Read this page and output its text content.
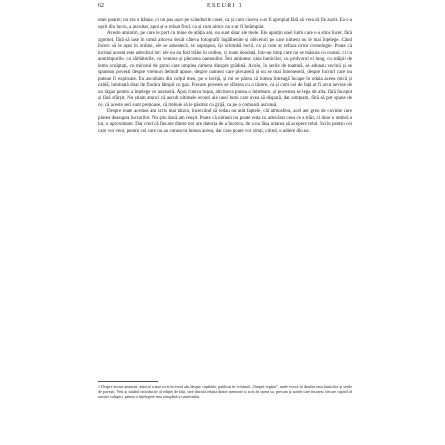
62	ESEURI 1

unei poarte; nu era o bătaie, ci un pas ușor pe scândurile casei, ca și cum cineva s-ar fi apropiat fără să vrea să fie auzit. Ea s-a oprit din lucru, a ascultat, apoi și-a reluat firul, ca și cum nimic nu s-ar fi întâmplat.

Aceste amintiri, pe care le port cu mine de atâția ani, nu sunt doar ale mele. Ele aparțin unei lumi care s-a stins încet, fără zgomot, fără să lase în urmă altceva decât câteva fotografii îngălbenite și obiceiuri pe care nimeni nu le mai înțelege. Când încerc să le așez în ordine, ele se amestecă, se suprapun, își schimbă locul, ca și cum ar refuza orice cronologie. Poate că tocmai acesta este adevărul lor: ele nu au fost trăite în ordine, ci toate deodată, într-un timp care nu se măsura cu ceasul, ci cu anotimpurile, cu sărbătorile, cu venirea și plecarea oamenilor. Îmi amintesc casa bunicilor, cu pridvorul ei lung, cu stâlpii de lemn sculptați, cu mirosul de gutui care umplea camera dinspre grădină. Acolo, în serile de toamnă, se adunau vecinii și se spuneau povești despre vremuri demult apuse, despre oameni care plecaseră și nu se mai întorseseră, despre lucruri care nu puteau fi explicate. Eu ascultam din colțul meu, pe o laviță, și mi se părea că lumea întreagă încape în odaia aceea mică și caldă, luminată doar de flacăra lămpii cu gaz. Fiecare poveste se sfârșea cu o tăcere, ca și cum cei de față ar fi avut nevoie de un răgaz pentru a înțelege ce auziseră. Apoi cineva tușea, altcineva punea o întrebare, și povestea se lega de alta, fără început și fără sfârșit. Nu știam atunci că ascult ultimele ecouri ale unei lumi care avea să dispară, dar simțeam, fără să pot spune de ce, că aceste seri sunt prețioase, că trebuie să le păstrez cu grijă, ca pe o comoară ascunsă.

Despre toate acestea am scris mai târziu, încercând să redau nu atât faptele, cât atmosfera, acel aer greu de cuvinte care plutea deasupra lucrurilor. Nu știu dacă am reușit. Poate că nimeni nu poate reda cu adevărat ceea ce a trăit, ci doar o umbră a lui, o aproximare. Dar cred că fiecare dintre noi are datoria de a încerca, de a nu lăsa uitarea să acopere totul. Scriu pentru cei care vor veni, pentru cei care nu au cunoscut lumea aceea, dar care poate vor simți, citind, o adiere din ea.

1 Despre aceste amintiri, autorul a mai scris în eseul său despre copilărie, publicat în volumul „Timpul regăsit”, unde evocă în detaliu casa bunicilor și serile de povești. Vezi și studiul introductiv al ediției de față, care discută relația dintre memorie și scris în opera sa, precum și notele care însoțesc fiecare capitol al acestei culegeri, pentru o înțelegere mai completă a contextului.
